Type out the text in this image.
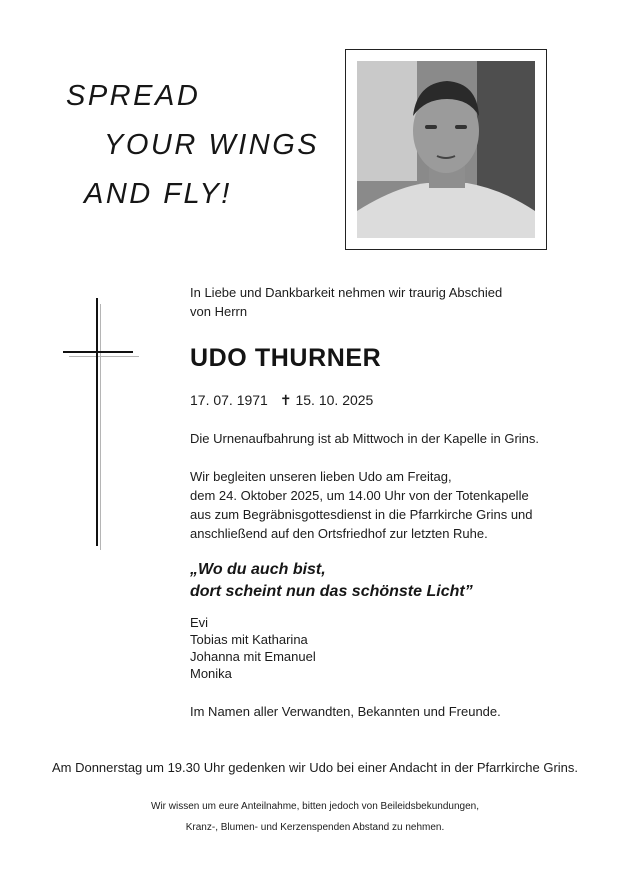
SPREAD
YOUR WINGS
AND FLY!
In Liebe und Dankbarkeit nehmen wir traurig Abschied
von Herrn
UDO THURNER
17. 07. 1971 ✝ 15. 10. 2025
Die Urnenaufbahrung ist ab Mittwoch in der Kapelle in Grins.
Wir begleiten unseren lieben Udo am Freitag,
dem 24. Oktober 2025, um 14.00 Uhr von der Totenkapelle
aus zum Begräbnisgottesdienst in die Pfarrkirche Grins und
anschließend auf den Ortsfriedhof zur letzten Ruhe.
„Wo du auch bist,
dort scheint nun das schönste Licht”
Evi
Tobias mit Katharina
Johanna mit Emanuel
Monika
Im Namen aller Verwandten, Bekannten und Freunde.
Am Donnerstag um 19.30 Uhr gedenken wir Udo bei einer Andacht in der Pfarrkirche Grins.
Wir wissen um eure Anteilnahme, bitten jedoch von Beileidsbekundungen,
Kranz-, Blumen- und Kerzenspenden Abstand zu nehmen.
